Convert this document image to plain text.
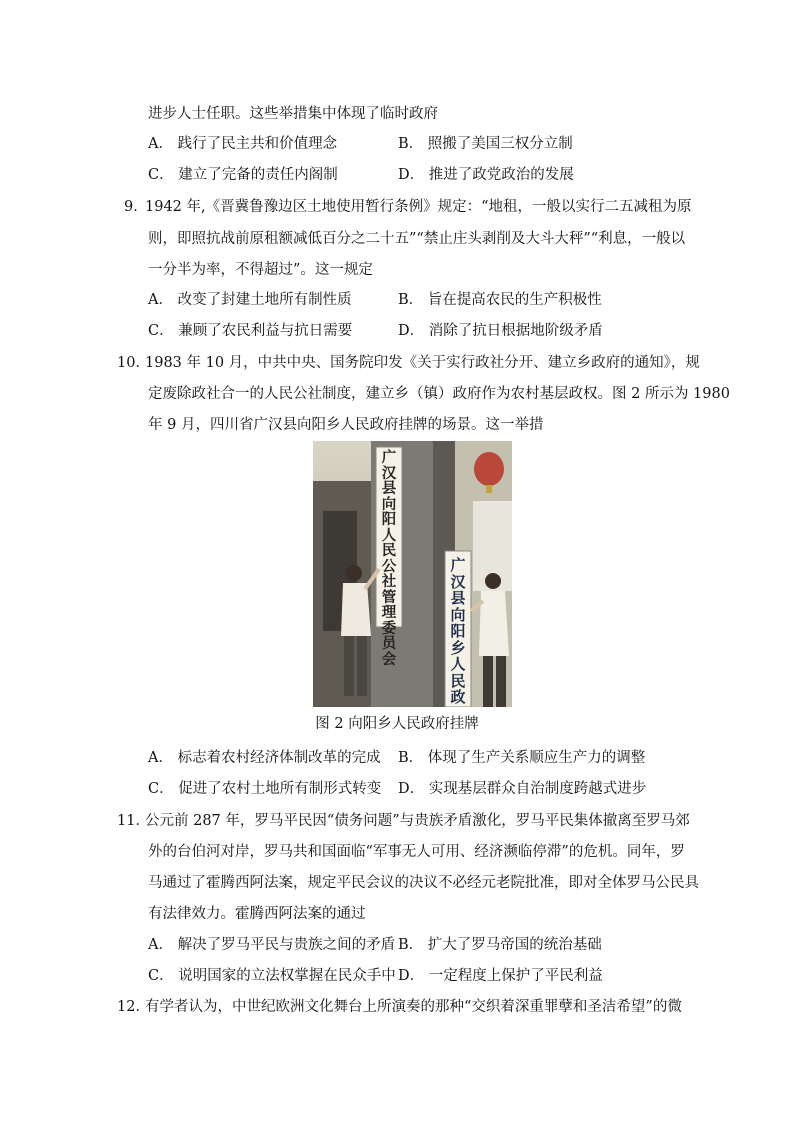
进步人士任职。这些举措集中体现了临时政府
A． 践行了民主共和价值理念	B． 照搬了美国三权分立制
C． 建立了完备的责任内阁制	D． 推进了政党政治的发展
9．
1942 年,《晋冀鲁豫边区土地使用暂行条例》规定：“地租，一般以实行二五减租为原
则，即照抗战前原租额减低百分之二十五”“禁止庄头剥削及大斗大秤”“利息，一般以
一分半为率，不得超过”。这一规定
A． 改变了封建土地所有制性质	B． 旨在提高农民的生产积极性
C． 兼顾了农民利益与抗日需要	D． 消除了抗日根据地阶级矛盾
10．
1983 年 10 月，中共中央、国务院印发《关于实行政社分开、建立乡政府的通知》，规
定废除政社合一的人民公社制度，建立乡（镇）政府作为农村基层政权。图 2 所示为 1980
年 9 月，四川省广汉县向阳乡人民政府挂牌的场景。这一举措
广汉县向阳人民公社管理委员会
广汉县向阳乡人民政
图 2 向阳乡人民政府挂牌
A． 标志着农村经济体制改革的完成 B． 体现了生产关系顺应生产力的调整
C． 促进了农村土地所有制形式转变 D． 实现基层群众自治制度跨越式进步
11．
公元前 287 年，罗马平民因“债务问题”与贵族矛盾激化，罗马平民集体撤离至罗马郊
外的台伯河对岸，罗马共和国面临“军事无人可用、经济濒临停滞”的危机。同年，罗
马通过了霍腾西阿法案，规定平民会议的决议不必经元老院批准，即对全体罗马公民具
有法律效力。霍腾西阿法案的通过
A． 解决了罗马平民与贵族之间的矛盾 B． 扩大了罗马帝国的统治基础
C． 说明国家的立法权掌握在民众手中 D． 一定程度上保护了平民利益
12．
有学者认为，中世纪欧洲文化舞台上所演奏的那种“交织着深重罪孽和圣洁希望”的微
